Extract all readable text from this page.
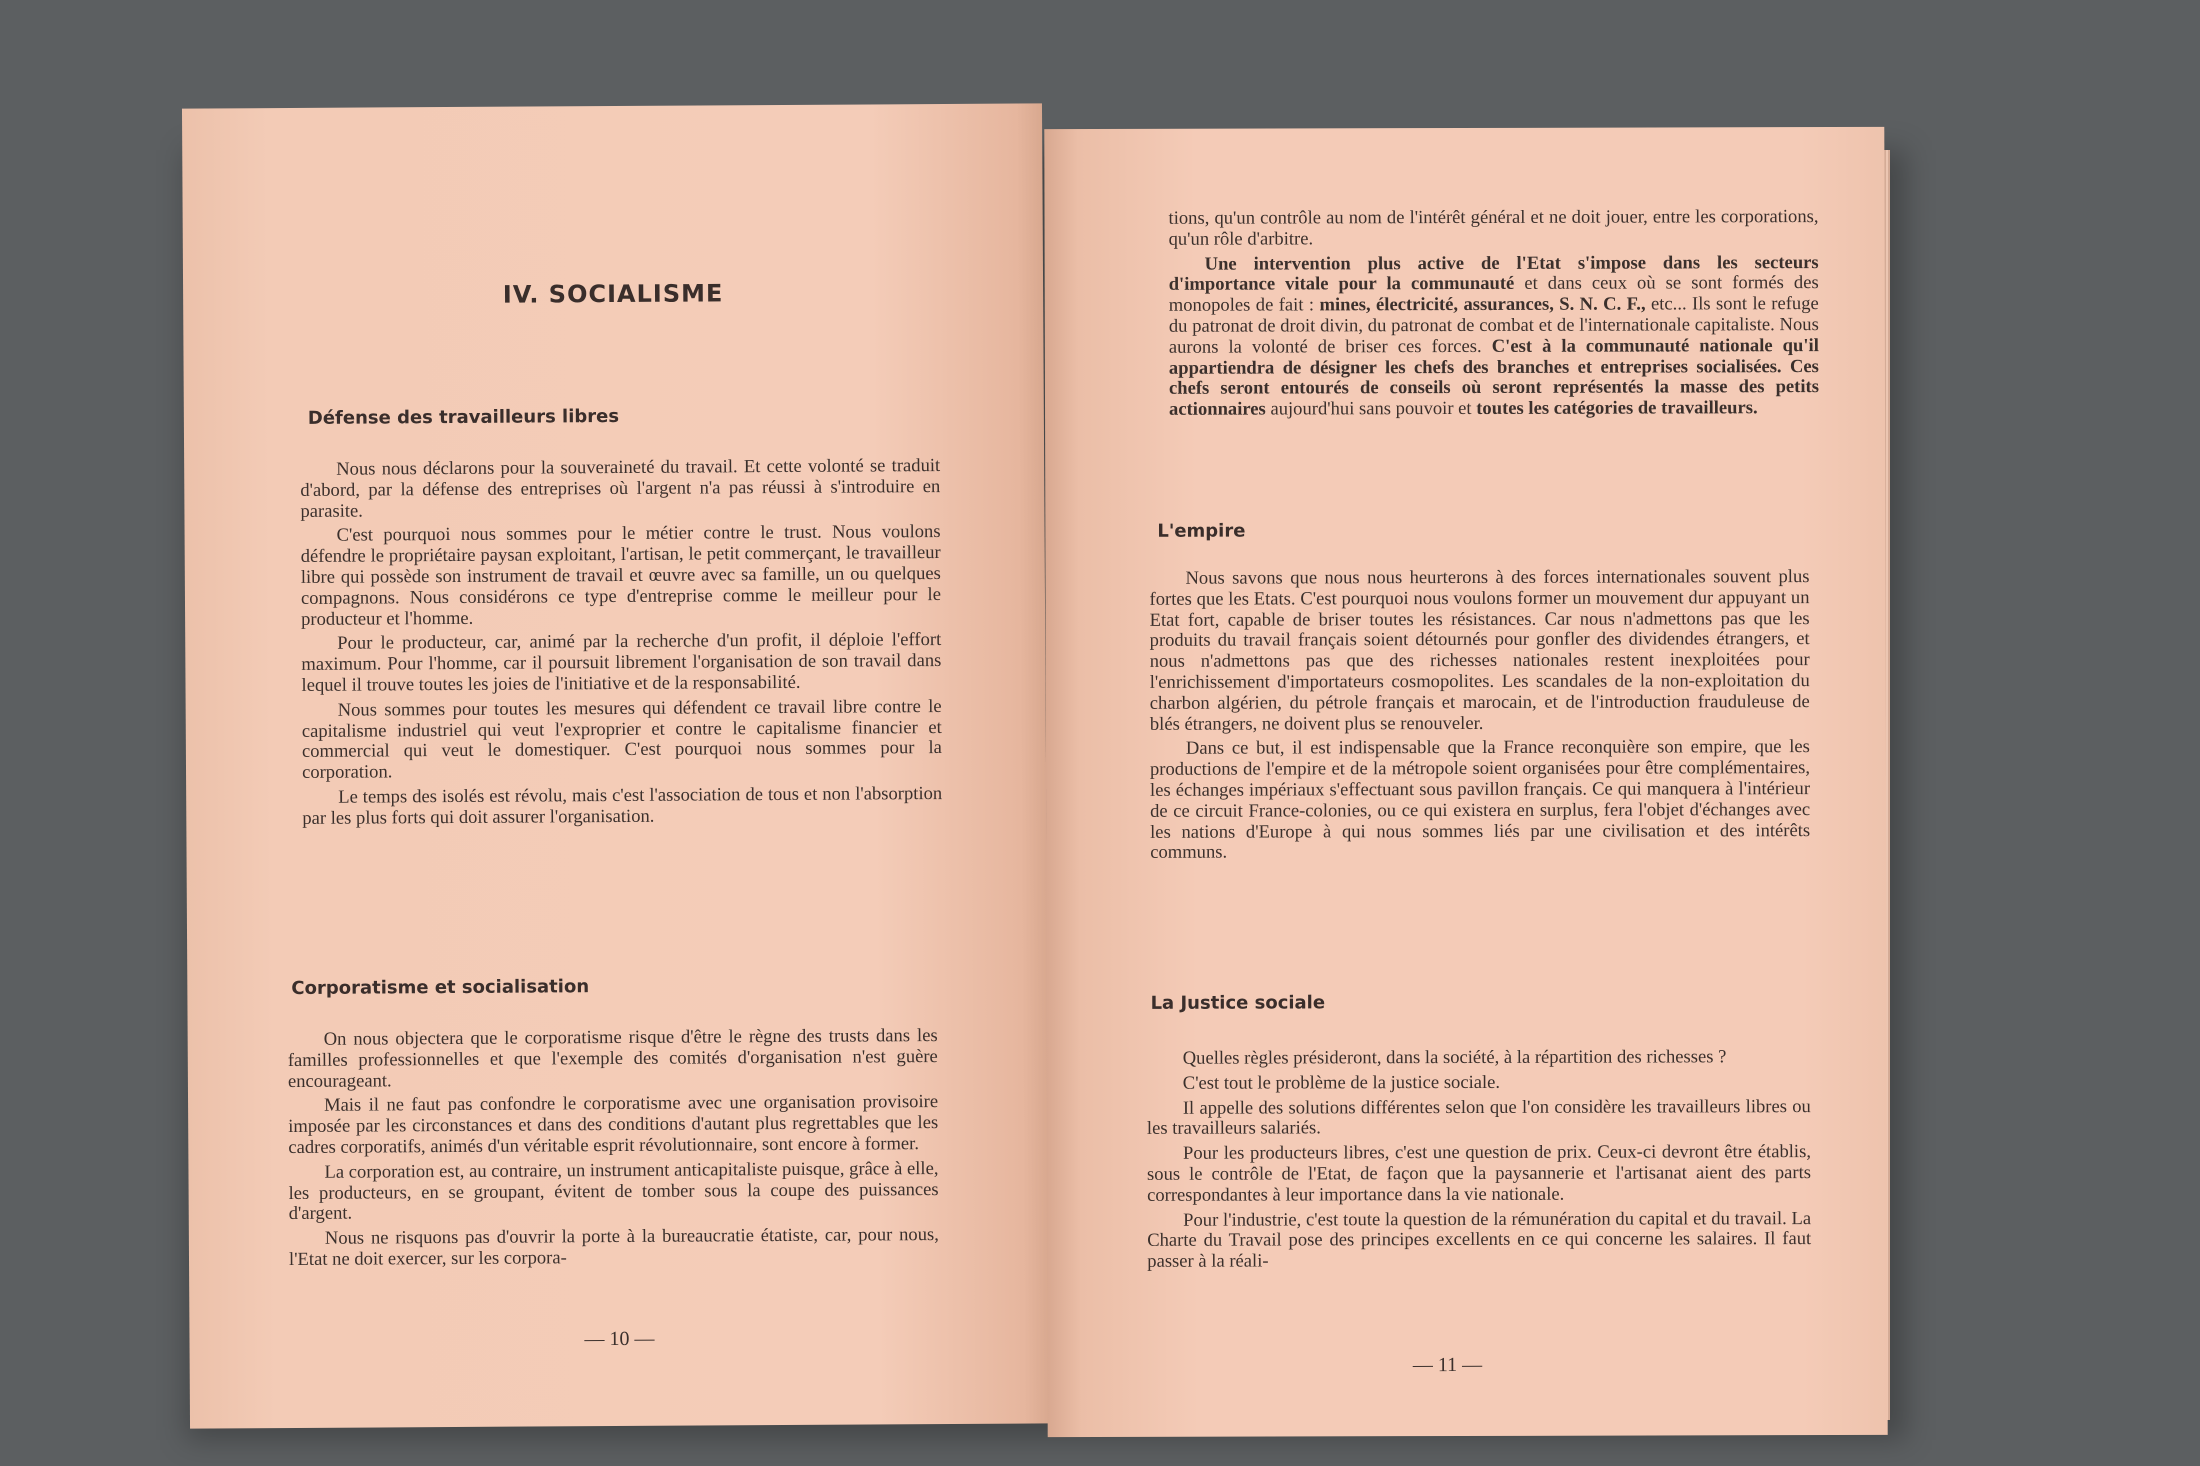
IV. SOCIALISME
Défense des travailleurs libres

Nous nous déclarons pour la souveraineté du travail. Et cette volonté se traduit d'abord, par la défense des entreprises où l'argent n'a pas réussi à s'introduire en parasite.

C'est pourquoi nous sommes pour le métier contre le trust. Nous voulons défendre le propriétaire paysan exploitant, l'artisan, le petit commerçant, le travailleur libre qui possède son instrument de travail et œuvre avec sa famille, un ou quelques compagnons. Nous considérons ce type d'entreprise comme le meilleur pour le producteur et l'homme.

Pour le producteur, car, animé par la recherche d'un profit, il déploie l'effort maximum. Pour l'homme, car il poursuit librement l'organisation de son travail dans lequel il trouve toutes les joies de l'initiative et de la responsabilité.

Nous sommes pour toutes les mesures qui défendent ce travail libre contre le capitalisme industriel qui veut l'exproprier et contre le capitalisme financier et commercial qui veut le domestiquer. C'est pourquoi nous sommes pour la corporation.

Le temps des isolés est révolu, mais c'est l'association de tous et non l'absorption par les plus forts qui doit assurer l'organisation.

Corporatisme et socialisation

On nous objectera que le corporatisme risque d'être le règne des trusts dans les familles professionnelles et que l'exemple des comités d'organisation n'est guère encourageant.

Mais il ne faut pas confondre le corporatisme avec une organisation provisoire imposée par les circonstances et dans des conditions d'autant plus regrettables que les cadres corporatifs, animés d'un véritable esprit révolutionnaire, sont encore à former.

La corporation est, au contraire, un instrument anticapitaliste puisque, grâce à elle, les producteurs, en se groupant, évitent de tomber sous la coupe des puissances d'argent.

Nous ne risquons pas d'ouvrir la porte à la bureaucratie étatiste, car, pour nous, l'Etat ne doit exercer, sur les corpora-

— 10 —

tions, qu'un contrôle au nom de l'intérêt général et ne doit jouer, entre les corporations, qu'un rôle d'arbitre.

Une intervention plus active de l'Etat s'impose dans les secteurs d'importance vitale pour la communauté et dans ceux où se sont formés des monopoles de fait : mines, électricité, assurances, S. N. C. F., etc... Ils sont le refuge du patronat de droit divin, du patronat de combat et de l'internationale capitaliste. Nous aurons la volonté de briser ces forces. C'est à la communauté nationale qu'il appartiendra de désigner les chefs des branches et entreprises socialisées. Ces chefs seront entourés de conseils où seront représentés la masse des petits actionnaires aujourd'hui sans pouvoir et toutes les catégories de travailleurs.

L'empire

Nous savons que nous nous heurterons à des forces internationales souvent plus fortes que les Etats. C'est pourquoi nous voulons former un mouvement dur appuyant un Etat fort, capable de briser toutes les résistances. Car nous n'admettons pas que les produits du travail français soient détournés pour gonfler des dividendes étrangers, et nous n'admettons pas que des richesses nationales restent inexploitées pour l'enrichissement d'importateurs cosmopolites. Les scandales de la non-exploitation du charbon algérien, du pétrole français et marocain, et de l'introduction frauduleuse de blés étrangers, ne doivent plus se renouveler.

Dans ce but, il est indispensable que la France reconquière son empire, que les productions de l'empire et de la métropole soient organisées pour être complémentaires, les échanges impériaux s'effectuant sous pavillon français. Ce qui manquera à l'intérieur de ce circuit France-colonies, ou ce qui existera en surplus, fera l'objet d'échanges avec les nations d'Europe à qui nous sommes liés par une civilisation et des intérêts communs.

La Justice sociale

Quelles règles présideront, dans la société, à la répartition des richesses ?

C'est tout le problème de la justice sociale.

Il appelle des solutions différentes selon que l'on considère les travailleurs libres ou les travailleurs salariés.

Pour les producteurs libres, c'est une question de prix. Ceux-ci devront être établis, sous le contrôle de l'Etat, de façon que la paysannerie et l'artisanat aient des parts correspondantes à leur importance dans la vie nationale.

Pour l'industrie, c'est toute la question de la rémunération du capital et du travail. La Charte du Travail pose des principes excellents en ce qui concerne les salaires. Il faut passer à la réali-

— 11 —
